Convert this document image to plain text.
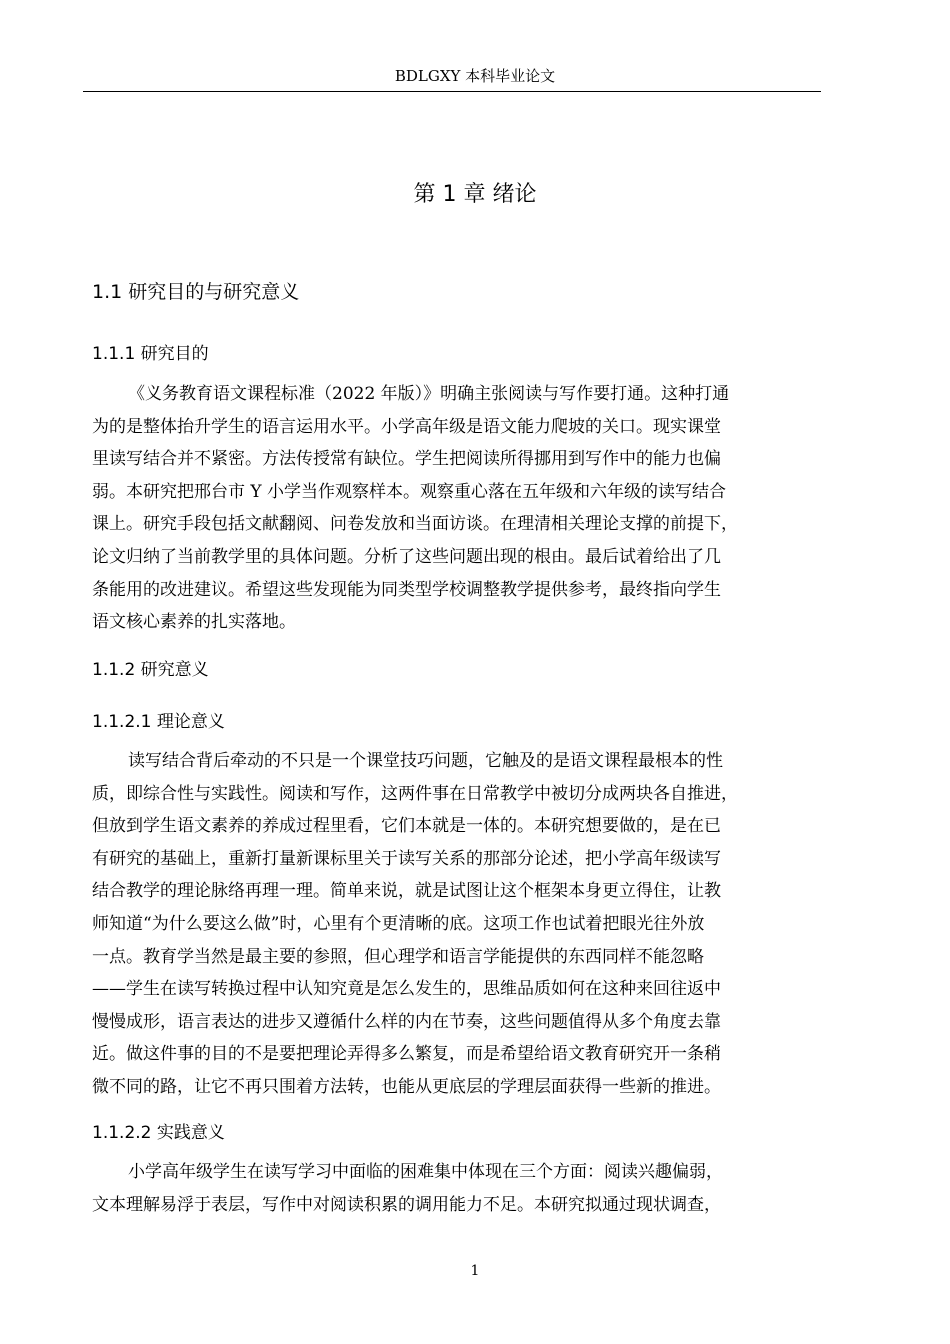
BDLGXY 本科毕业论文
第 1 章 绪论
1.1 研究目的与研究意义
1.1.1 研究目的
《义务教育语文课程标准（2022 年版）》明确主张阅读与写作要打通。这种打通
为的是整体抬升学生的语言运用水平。小学高年级是语文能力爬坡的关口。现实课堂
里读写结合并不紧密。方法传授常有缺位。学生把阅读所得挪用到写作中的能力也偏
弱。本研究把邢台市 Y 小学当作观察样本。观察重心落在五年级和六年级的读写结合
课上。研究手段包括文献翻阅、问卷发放和当面访谈。在理清相关理论支撑的前提下，
论文归纳了当前教学里的具体问题。分析了这些问题出现的根由。最后试着给出了几
条能用的改进建议。希望这些发现能为同类型学校调整教学提供参考，最终指向学生
语文核心素养的扎实落地。
1.1.2 研究意义
1.1.2.1 理论意义
读写结合背后牵动的不只是一个课堂技巧问题，它触及的是语文课程最根本的性
质，即综合性与实践性。阅读和写作，这两件事在日常教学中被切分成两块各自推进，
但放到学生语文素养的养成过程里看，它们本就是一体的。本研究想要做的，是在已
有研究的基础上，重新打量新课标里关于读写关系的那部分论述，把小学高年级读写
结合教学的理论脉络再理一理。简单来说，就是试图让这个框架本身更立得住，让教
师知道“为什么要这么做”时，心里有个更清晰的底。这项工作也试着把眼光往外放
一点。教育学当然是最主要的参照，但心理学和语言学能提供的东西同样不能忽略
——学生在读写转换过程中认知究竟是怎么发生的，思维品质如何在这种来回往返中
慢慢成形，语言表达的进步又遵循什么样的内在节奏，这些问题值得从多个角度去靠
近。做这件事的目的不是要把理论弄得多么繁复，而是希望给语文教育研究开一条稍
微不同的路，让它不再只围着方法转，也能从更底层的学理层面获得一些新的推进。
1.1.2.2 实践意义
小学高年级学生在读写学习中面临的困难集中体现在三个方面：阅读兴趣偏弱，
文本理解易浮于表层，写作中对阅读积累的调用能力不足。本研究拟通过现状调查，
1
